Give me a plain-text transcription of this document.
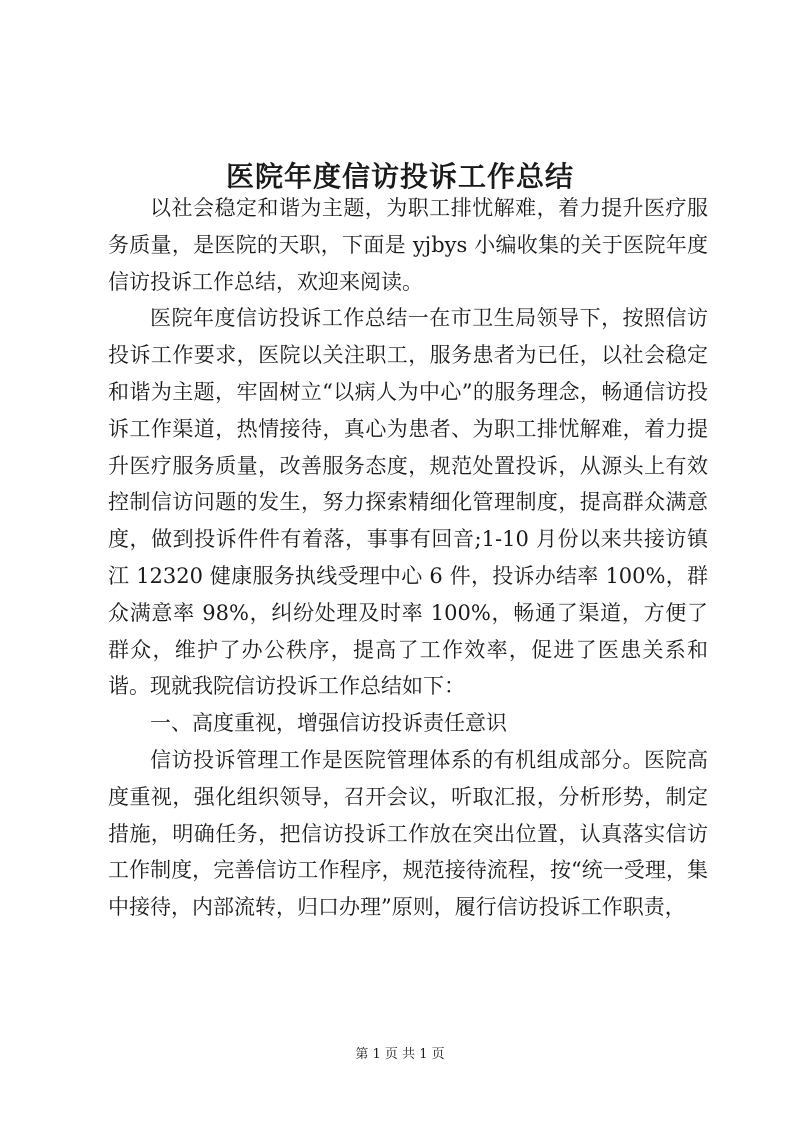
医院年度信访投诉工作总结

以社会稳定和谐为主题，为职工排忧解难，着力提升医疗服务质量，是医院的天职，下面是 yjbys 小编收集的关于医院年度信访投诉工作总结，欢迎来阅读。

医院年度信访投诉工作总结一在市卫生局领导下，按照信访投诉工作要求，医院以关注职工，服务患者为已任，以社会稳定和谐为主题，牢固树立“以病人为中心”的服务理念，畅通信访投诉工作渠道，热情接待，真心为患者、为职工排忧解难，着力提升医疗服务质量，改善服务态度，规范处置投诉，从源头上有效控制信访问题的发生，努力探索精细化管理制度，提高群众满意度，做到投诉件件有着落，事事有回音;1-10 月份以来共接访镇江 12320 健康服务执线受理中心 6 件，投诉办结率 100%，群众满意率 98%，纠纷处理及时率 100%，畅通了渠道，方便了群众，维护了办公秩序，提高了工作效率，促进了医患关系和谐。现就我院信访投诉工作总结如下：

一、高度重视，增强信访投诉责任意识

信访投诉管理工作是医院管理体系的有机组成部分。医院高度重视，强化组织领导，召开会议，听取汇报，分析形势，制定措施，明确任务，把信访投诉工作放在突出位置，认真落实信访工作制度，完善信访工作程序，规范接待流程，按“统一受理，集中接待，内部流转，归口办理”原则，履行信访投诉工作职责，

第 1 页 共 1 页
